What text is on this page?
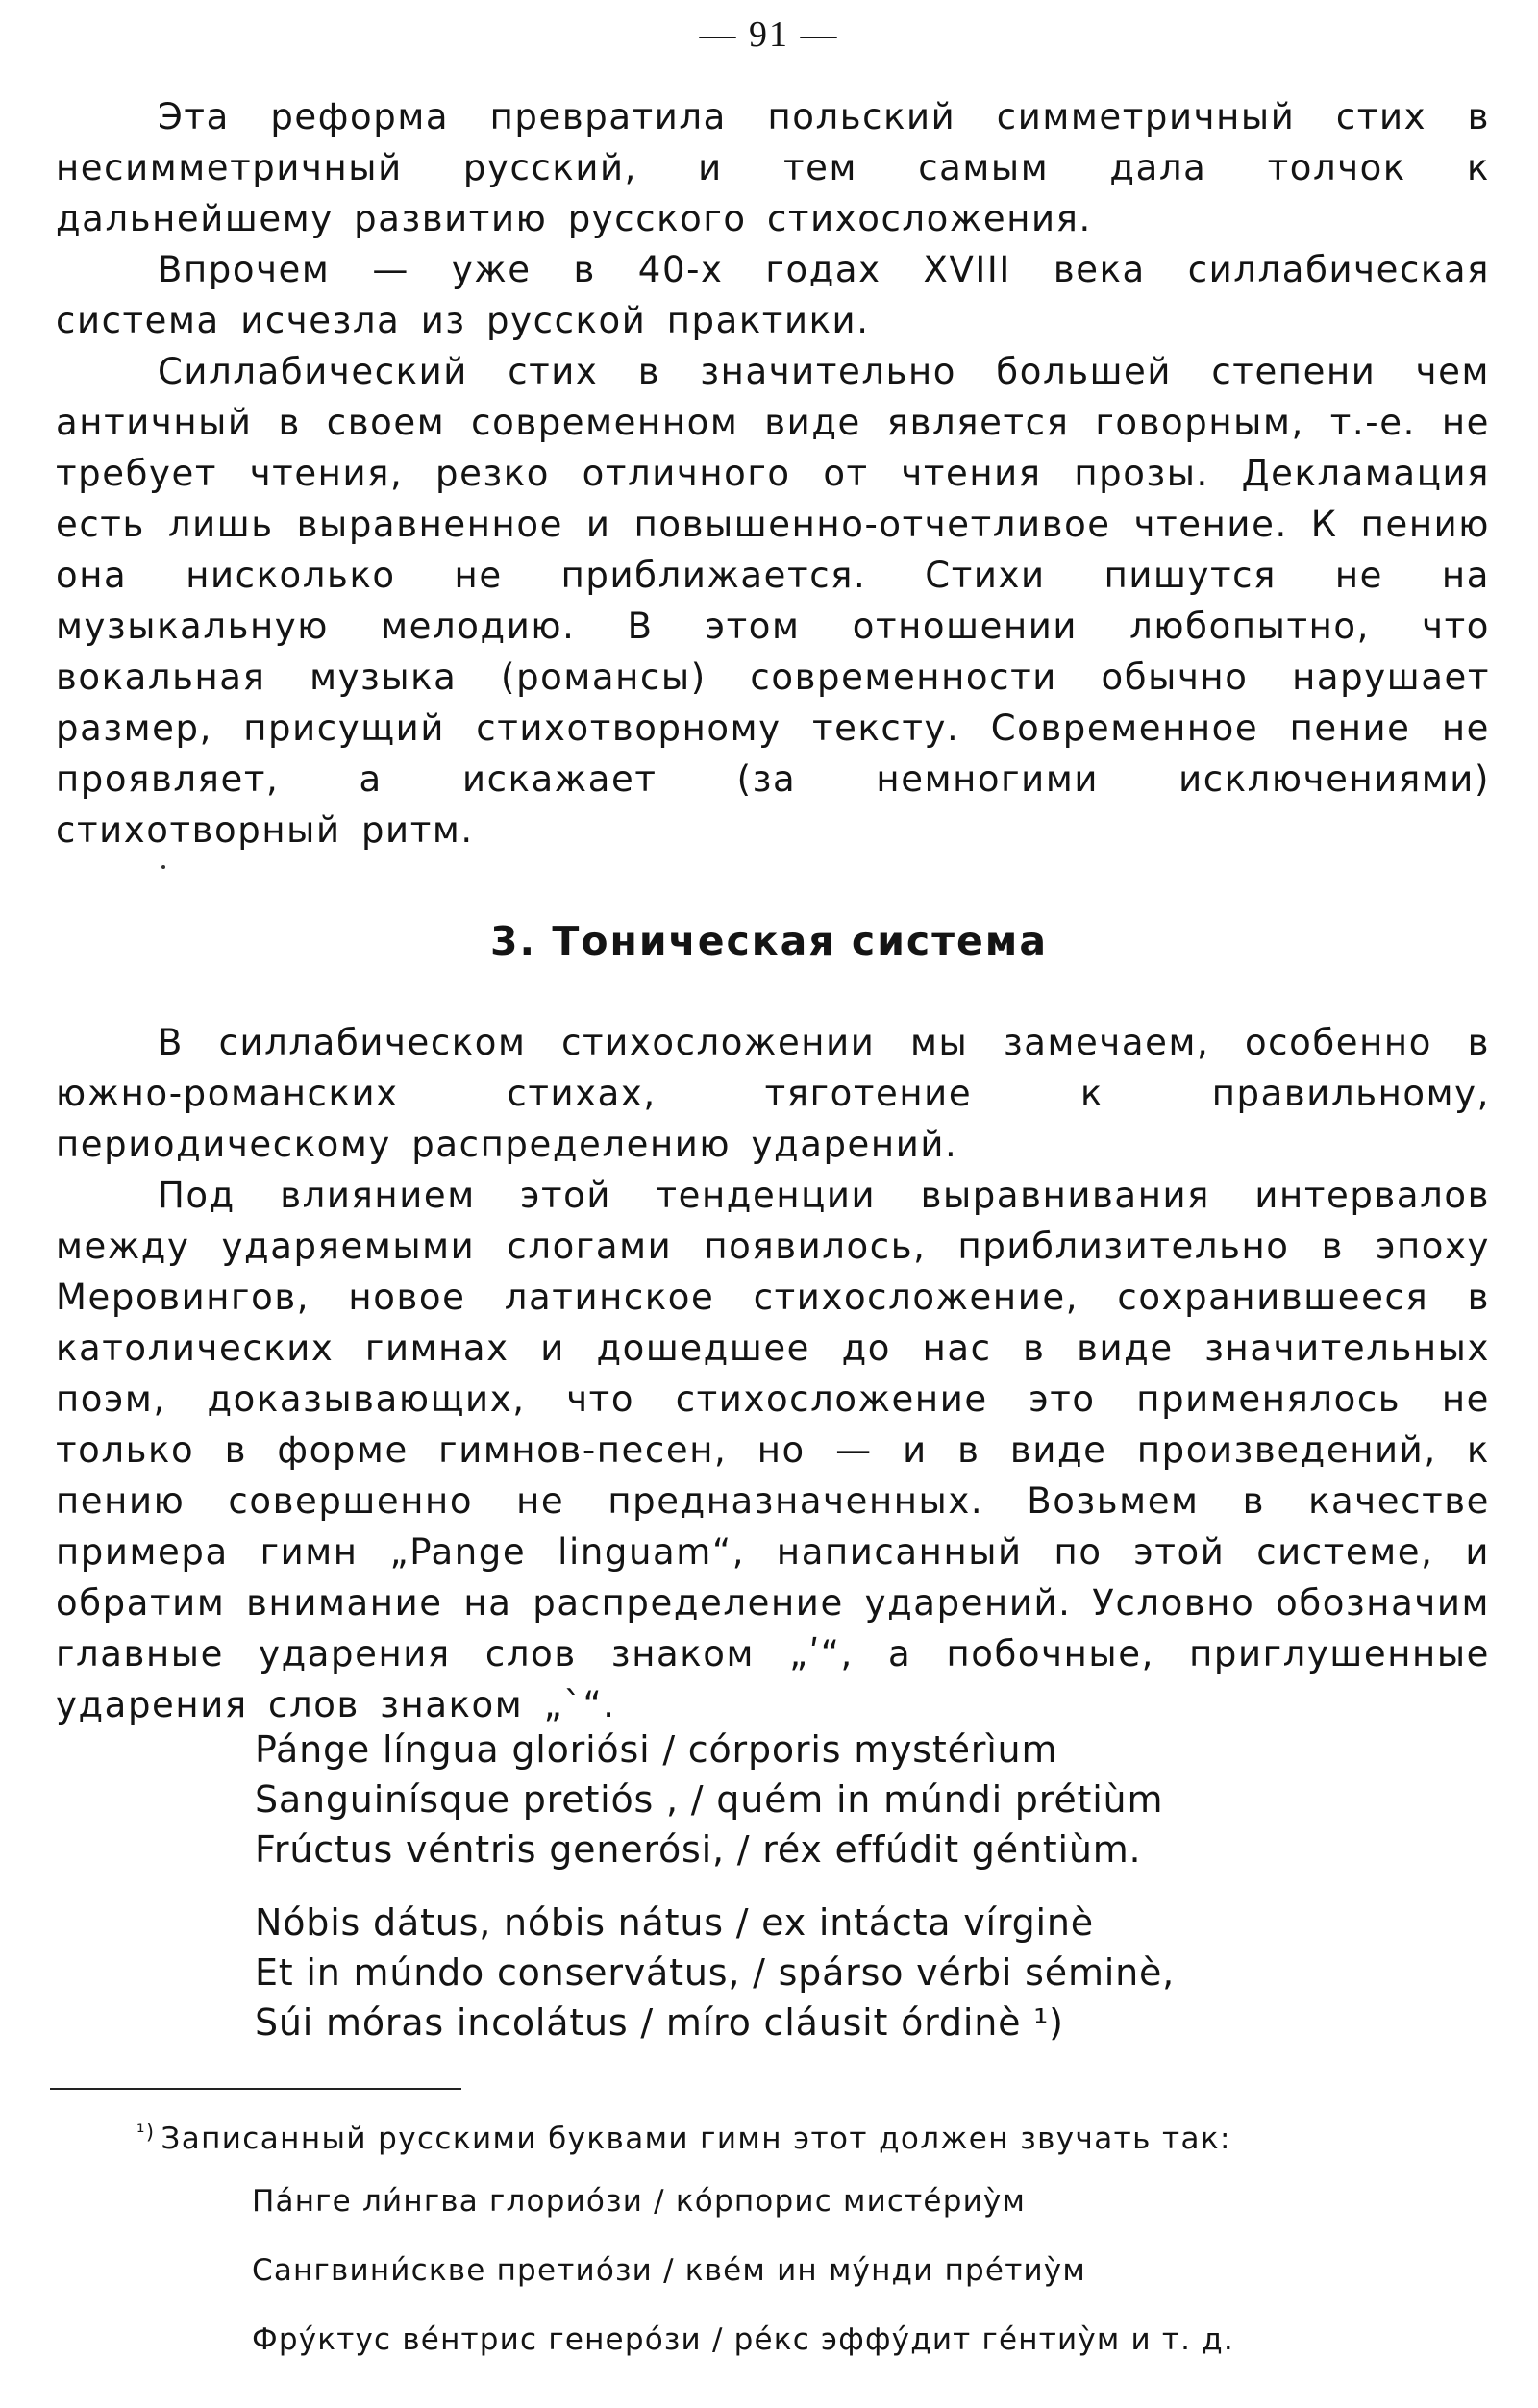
— 91 —

Эта реформа превратила польский симметричный стих в несимметричный русский, и тем самым дала толчок к дальнейшему развитию русского стихосложения.

Впрочем — уже в 40-х годах XVIII века силлабическая система исчезла из русской практики.

Силлабический стих в значительно большей степени чем античный в своем современном виде является говорным, т.-е. не требует чтения, резко отличного от чтения прозы. Декламация есть лишь выравненное и повышенно-отчетливое чтение. К пению она нисколько не приближается. Стихи пишутся не на музыкальную мелодию. В этом отношении любопытно, что вокальная музыка (романсы) современности обычно нарушает размер, присущий стихотворному тексту. Современное пение не проявляет, а искажает (за немногими исключениями) стихотворный ритм.

3. Тоническая система

В силлабическом стихосложении мы замечаем, особенно в южно-романских стихах, тяготение к правильному, периодическому распределению ударений.

Под влиянием этой тенденции выравнивания интервалов между ударяемыми слогами появилось, приблизительно в эпоху Меровингов, новое латинское стихосложение, сохранившееся в католических гимнах и дошедшее до нас в виде значительных поэм, доказывающих, что стихосложение это применялось не только в форме гимнов-песен, но — и в виде произведений, к пению совершенно не предназначенных. Возьмем в качестве примера гимн „Pange linguam“, написанный по этой системе, и обратим внимание на распределение ударений. Условно обозначим главные ударения слов знаком „ʹ“, а побочные, приглушенные ударения слов знаком „`“.

Pánge língua gloriósi / córporis mystérìum

Sanguinísque pretiós , / quém in múndi prétiùm

Frúctus véntris generósi, / réx effúdit géntiùm.

Nóbis dátus, nóbis nátus / ex intácta vírginè

Et in múndo conservátus, / spárso vérbi séminè,

Súi móras incolátus / míro cláusit órdinè ¹)

$^{^1)}$ Записанный русскими буквами гимн этот должен звучать так:

Па́нге ли́нгва глорио́зи / ко́рпорис мисте́риу̀м

Сангвини́скве претио́зи / кве́м ин му́нди пре́тиу̀м

Фру́ктус ве́нтрис генеро́зи / ре́кс эффу́дит ге́нтиу̀м и т. д.
